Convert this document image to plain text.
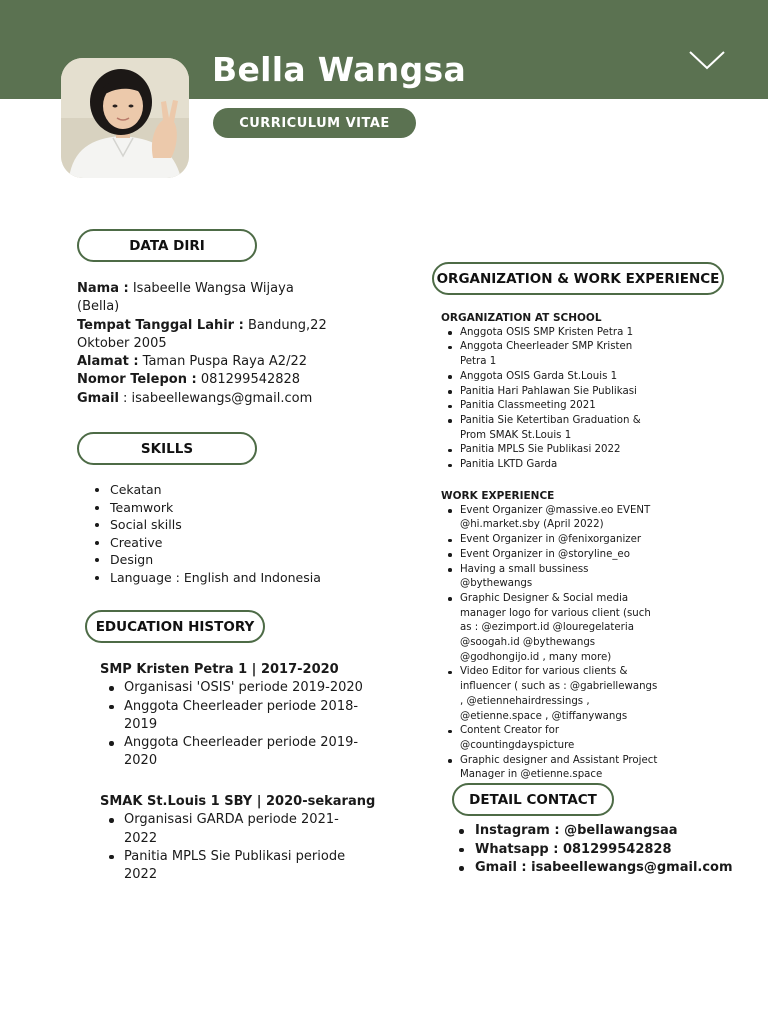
Bella Wangsa
CURRICULUM VITAE
DATA DIRI
Nama : Isabeelle Wangsa Wijaya (Bella)
Tempat Tanggal Lahir : Bandung,22 Oktober 2005
Alamat : Taman Puspa Raya A2/22
Nomor Telepon : 081299542828
Gmail : isabeellewangs@gmail.com
SKILLS
Cekatan
Teamwork
Social skills
Creative
Design
Language : English and Indonesia
EDUCATION HISTORY
SMP Kristen Petra 1 | 2017-2020
Organisasi 'OSIS' periode 2019-2020
Anggota Cheerleader periode 2018-2019
Anggota Cheerleader periode 2019-2020
SMAK St.Louis 1 SBY | 2020-sekarang
Organisasi GARDA periode 2021-2022
Panitia MPLS Sie Publikasi periode 2022
ORGANIZATION & WORK EXPERIENCE
ORGANIZATION AT SCHOOL
Anggota OSIS SMP Kristen Petra 1
Anggota Cheerleader SMP Kristen Petra 1
Anggota OSIS Garda St.Louis 1
Panitia Hari Pahlawan Sie Publikasi
Panitia Classmeeting 2021
Panitia Sie Ketertiban Graduation & Prom SMAK St.Louis 1
Panitia MPLS Sie Publikasi 2022
Panitia LKTD Garda
WORK EXPERIENCE
Event Organizer @massive.eo EVENT @hi.market.sby (April 2022)
Event Organizer in @fenixorganizer
Event Organizer in @storyline_eo
Having a small bussiness @bythewangs
Graphic Designer & Social media manager logo for various client (such as : @ezimport.id @louregelateria @soogah.id @bythewangs @godhongijo.id , many more)
Video Editor for various clients & influencer ( such as : @gabriellewangs , @etiennehairdressings , @etienne.space , @tiffanywangs
Content Creator for @countingdayspicture
Graphic designer and Assistant Project Manager in @etienne.space
DETAIL CONTACT
Instagram : @bellawangsaa
Whatsapp : 081299542828
Gmail : isabeellewangs@gmail.com
